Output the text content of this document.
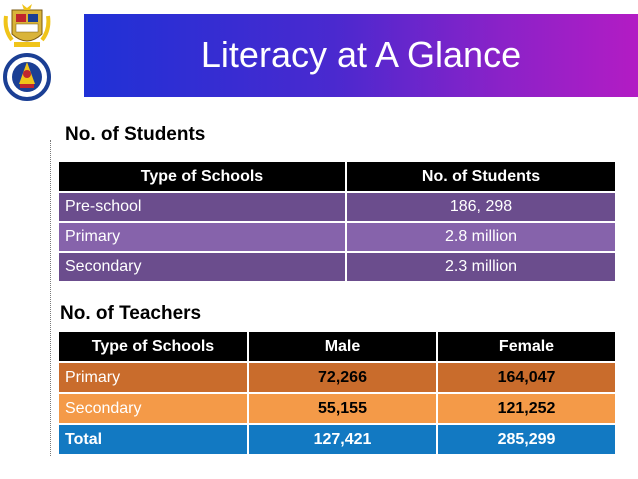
Literacy at A Glance
No. of Students
Type of Schools	No. of Students
Pre-school	186, 298
Primary	2.8 million
Secondary	2.3 million
No. of Teachers
Type of Schools	Male	Female
Primary	72,266	164,047
Secondary	55,155	121,252
Total	127,421	285,299
